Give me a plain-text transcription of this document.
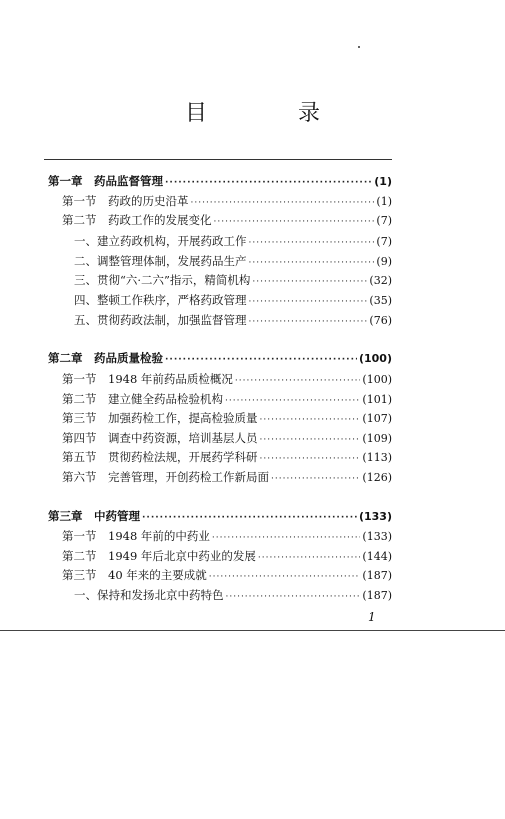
目 录
第一章　药品监督管理 ·····	(1)
第一节　药政的历史沿革 ·····	(1)
第二节　药政工作的发展变化 ·····	(7)
一、建立药政机构，开展药政工作 ·····	(7)
二、调整管理体制，发展药品生产 ·····	(9)
三、贯彻“六·二六”指示，精简机构 ·····	(32)
四、整顿工作秩序，严格药政管理 ·····	(35)
五、贯彻药政法制，加强监督管理 ·····	(76)
第二章　药品质量检验 ·····	(100)
第一节　1948 年前药品质检概况 ·····	(100)
第二节　建立健全药品检验机构 ·····	(101)
第三节　加强药检工作，提高检验质量 ·····	(107)
第四节　调查中药资源，培训基层人员 ·····	(109)
第五节　贯彻药检法规，开展药学科研 ·····	(113)
第六节　完善管理，开创药检工作新局面 ·····	(126)
第三章　中药管理 ·····	(133)
第一节　1948 年前的中药业 ·····	(133)
第二节　1949 年后北京中药业的发展 ·····	(144)
第三节　40 年来的主要成就 ·····	(187)
一、保持和发扬北京中药特色 ·····	(187)
1
